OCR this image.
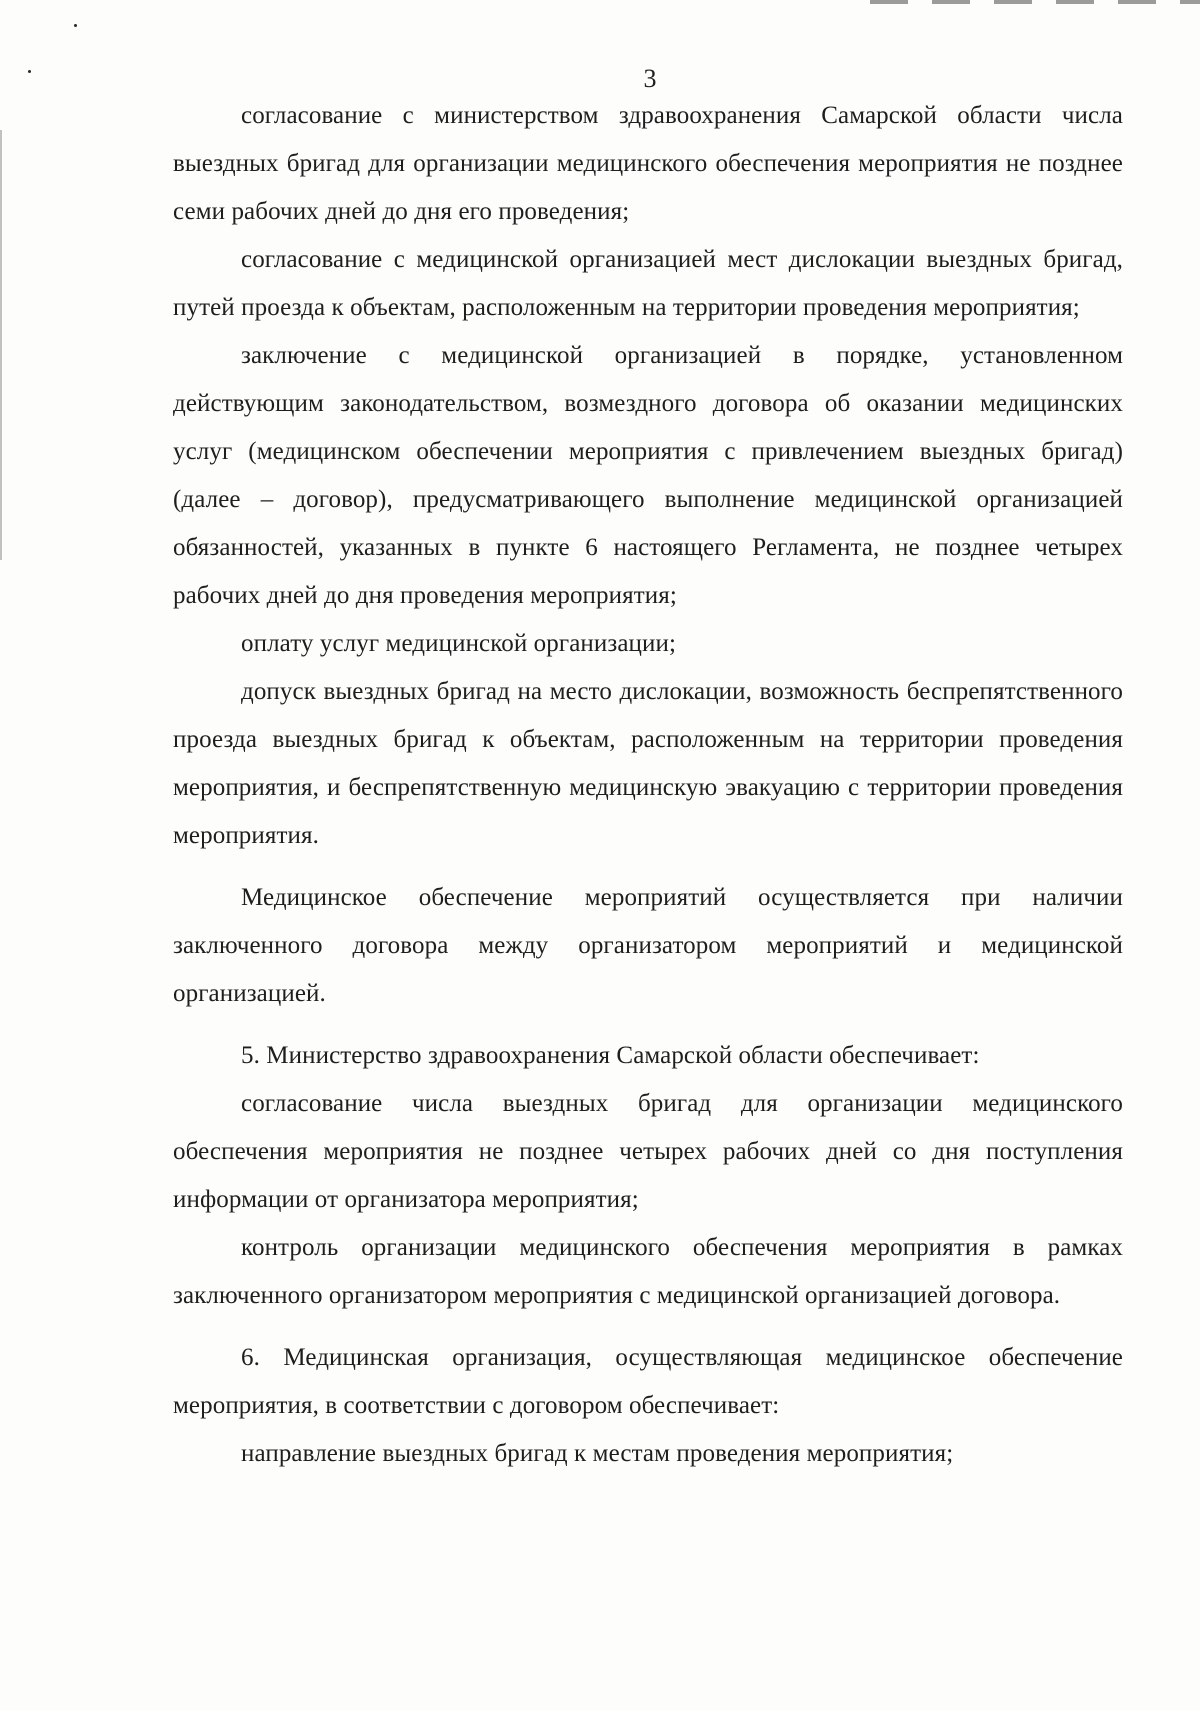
3

согласование с министерством здравоохранения Самарской области числа выездных бригад для организации медицинского обеспечения мероприятия не позднее семи рабочих дней до дня его проведения;

согласование с медицинской организацией мест дислокации выездных бригад, путей проезда к объектам, расположенным на территории проведения мероприятия;

заключение с медицинской организацией в порядке, установленном действующим законодательством, возмездного договора об оказании медицинских услуг (медицинском обеспечении мероприятия с привлечением выездных бригад) (далее – договор), предусматривающего выполнение медицинской организацией обязанностей, указанных в пункте 6 настоящего Регламента, не позднее четырех рабочих дней до дня проведения мероприятия;

оплату услуг медицинской организации;

допуск выездных бригад на место дислокации, возможность беспрепятственного проезда выездных бригад к объектам, расположенным на территории проведения мероприятия, и беспрепятственную медицинскую эвакуацию с территории проведения мероприятия.

Медицинское обеспечение мероприятий осуществляется при наличии заключенного договора между организатором мероприятий и медицинской организацией.

5. Министерство здравоохранения Самарской области обеспечивает:

согласование числа выездных бригад для организации медицинского обеспечения мероприятия не позднее четырех рабочих дней со дня поступления информации от организатора мероприятия;

контроль организации медицинского обеспечения мероприятия в рамках заключенного организатором мероприятия с медицинской организацией договора.

6. Медицинская организация, осуществляющая медицинское обеспечение мероприятия, в соответствии с договором обеспечивает:

направление выездных бригад к местам проведения мероприятия;
